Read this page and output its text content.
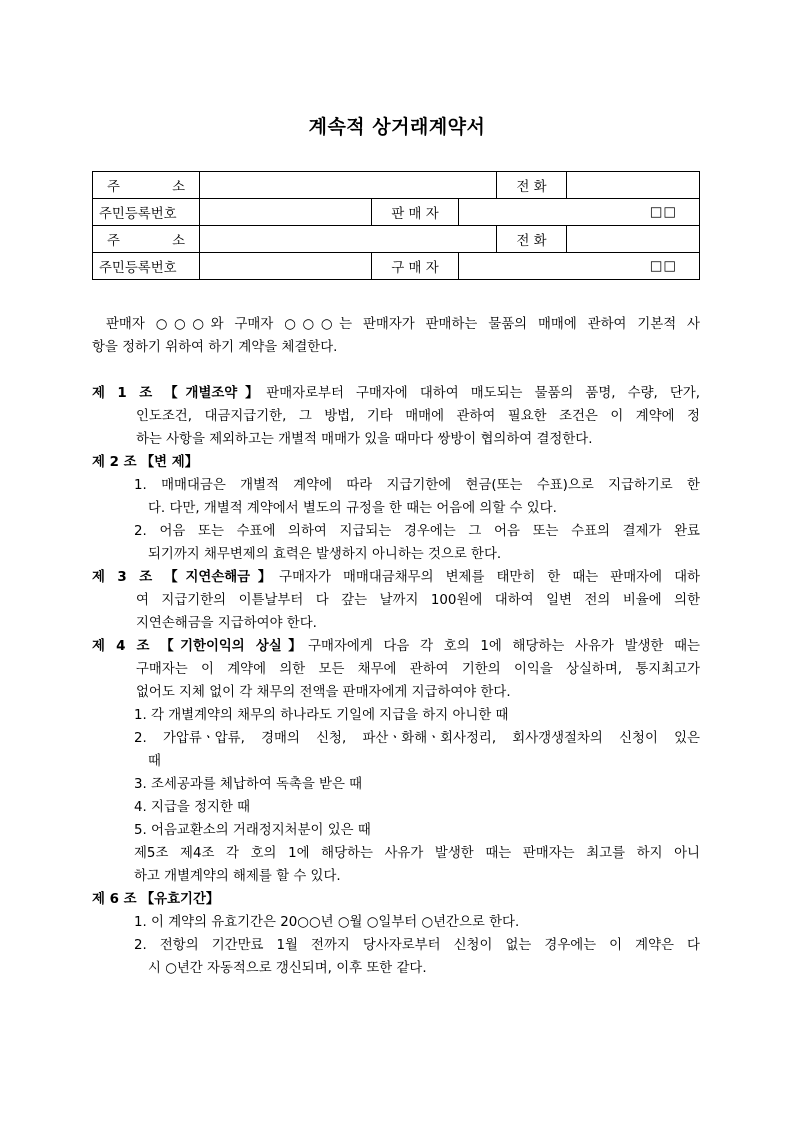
계속적 상거래계약서
주 소				전 화	
주민등록번호		판 매 자	□□		

주 소				전 화	
주민등록번호		구 매 자	□□		
판매자 ○○○와 구매자 ○○○는 판매자가 판매하는 물품의 매매에 관하여 기본적 사
항을 정하기 위하여 하기 계약을 체결한다.
제 1 조 【개별조약】판매자로부터 구매자에 대하여 매도되는 물품의 품명, 수량, 단가,
인도조건, 대금지급기한, 그 방법, 기타 매매에 관하여 필요한 조건은 이 계약에 정
하는 사항을 제외하고는 개별적 매매가 있을 때마다 쌍방이 협의하여 결정한다.
제 2 조 【변 제】
1. 매매대금은 개별적 계약에 따라 지급기한에 현금(또는 수표)으로 지급하기로 한
다. 다만, 개별적 계약에서 별도의 규정을 한 때는 어음에 의할 수 있다.
2. 어음 또는 수표에 의하여 지급되는 경우에는 그 어음 또는 수표의 결제가 완료
되기까지 채무변제의 효력은 발생하지 아니하는 것으로 한다.
제 3 조 【지연손해금】구매자가 매매대금채무의 변제를 태만히 한 때는 판매자에 대하
여 지급기한의 이튿날부터 다 갚는 날까지 100원에 대하여 일변 전의 비율에 의한
지연손해금을 지급하여야 한다.
제 4 조 【기한이익의 상실】구매자에게 다음 각 호의 1에 해당하는 사유가 발생한 때는
구매자는 이 계약에 의한 모든 채무에 관하여 기한의 이익을 상실하며, 통지최고가
없어도 지체 없이 각 채무의 전액을 판매자에게 지급하여야 한다.
1. 각 개별계약의 채무의 하나라도 기일에 지급을 하지 아니한 때
2. 가압류ㆍ압류, 경매의 신청, 파산ㆍ화해ㆍ회사정리, 회사갱생절차의 신청이 있은
때
3. 조세공과를 체납하여 독촉을 받은 때
4. 지급을 정지한 때
5. 어음교환소의 거래정지처분이 있은 때
제5조 제4조 각 호의 1에 해당하는 사유가 발생한 때는 판매자는 최고를 하지 아니
하고 개별계약의 해제를 할 수 있다.
제 6 조 【유효기간】
1. 이 계약의 유효기간은 20○○년 ○월 ○일부터 ○년간으로 한다.
2. 전항의 기간만료 1월 전까지 당사자로부터 신청이 없는 경우에는 이 계약은 다
시 ○년간 자동적으로 갱신되며, 이후 또한 같다.
